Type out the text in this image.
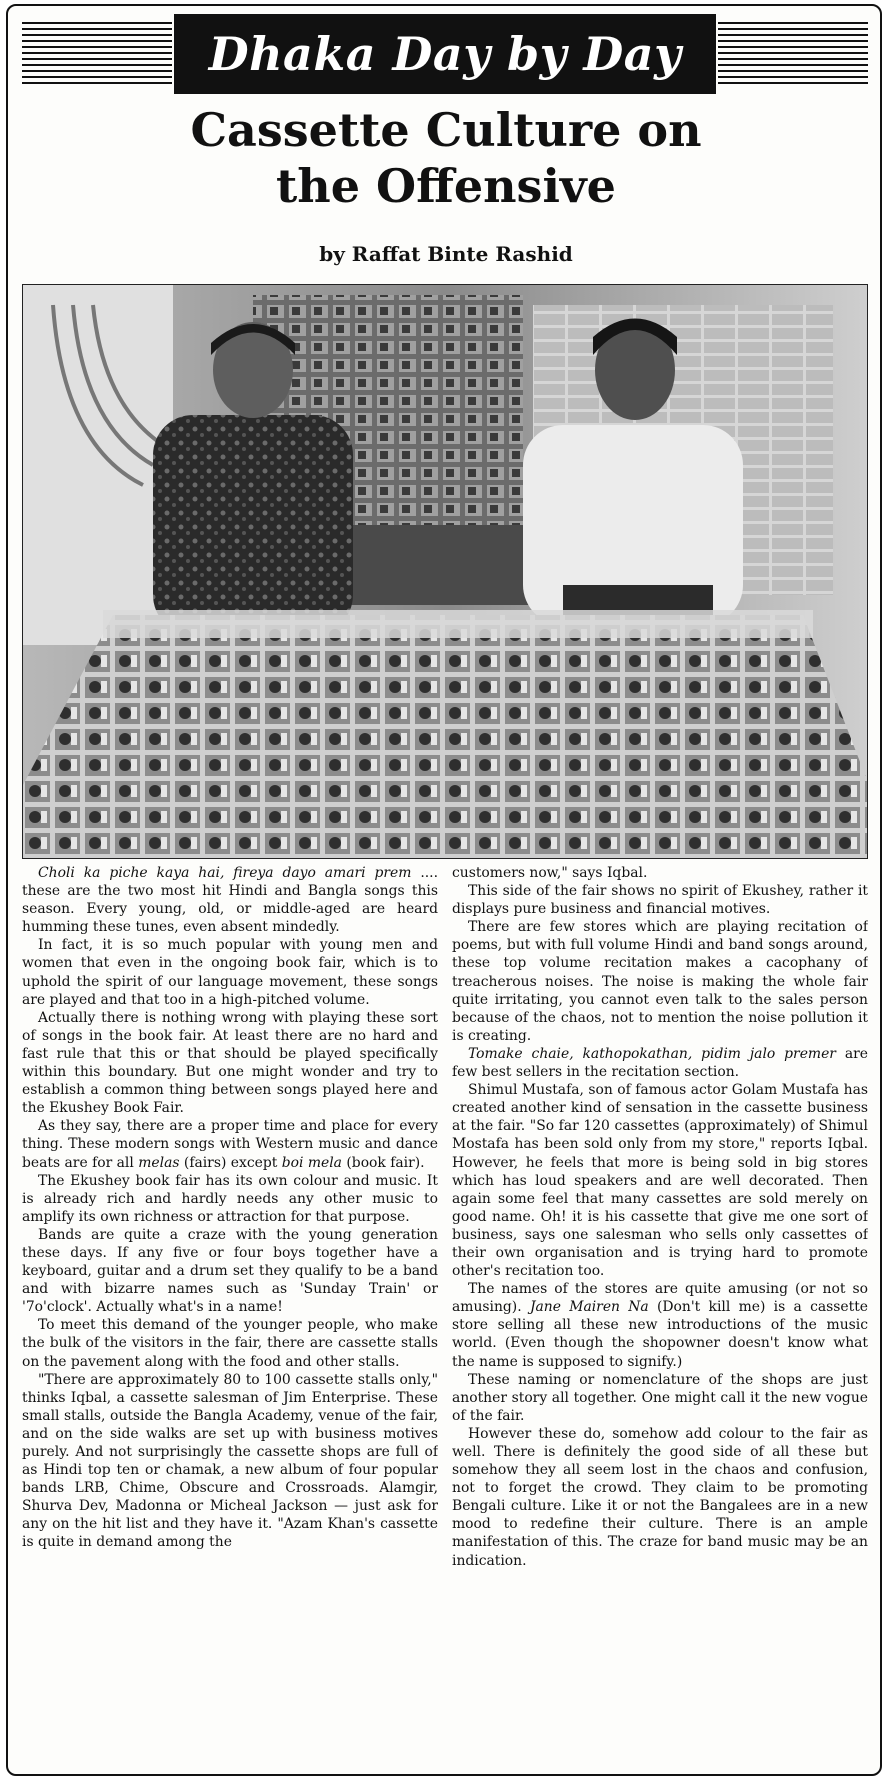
Dhaka Day by Day
Cassette Culture on
the Offensive
by Raffat Binte Rashid

Choli ka piche kaya hai, fireya dayo amari prem .... these are the two most hit Hindi and Bangla songs this season. Every young, old, or middle-aged are heard humming these tunes, even absent mindedly.

In fact, it is so much popular with young men and women that even in the ongoing book fair, which is to uphold the spirit of our language movement, these songs are played and that too in a high-pitched volume.

Actually there is nothing wrong with playing these sort of songs in the book fair. At least there are no hard and fast rule that this or that should be played specifically within this boundary. But one might wonder and try to establish a common thing between songs played here and the Ekushey Book Fair.

As they say, there are a proper time and place for every thing. These modern songs with Western music and dance beats are for all melas (fairs) except boi mela (book fair).

The Ekushey book fair has its own colour and music. It is already rich and hardly needs any other music to amplify its own richness or attraction for that purpose.

Bands are quite a craze with the young generation these days. If any five or four boys together have a keyboard, guitar and a drum set they qualify to be a band and with bizarre names such as 'Sunday Train' or '7o'clock'. Actually what's in a name!

To meet this demand of the younger people, who make the bulk of the visitors in the fair, there are cassette stalls on the pavement along with the food and other stalls.

"There are approximately 80 to 100 cassette stalls only," thinks Iqbal, a cassette salesman of Jim Enterprise. These small stalls, outside the Bangla Academy, venue of the fair, and on the side walks are set up with business motives purely. And not surprisingly the cassette shops are full of as Hindi top ten or chamak, a new album of four popular bands LRB, Chime, Obscure and Crossroads. Alamgir, Shurva Dev, Madonna or Micheal Jackson — just ask for any on the hit list and they have it. "Azam Khan's cassette is quite in demand among the

customers now," says Iqbal.

This side of the fair shows no spirit of Ekushey, rather it displays pure business and financial motives.

There are few stores which are playing recitation of poems, but with full volume Hindi and band songs around, these top volume recitation makes a cacophany of treacherous noises. The noise is making the whole fair quite irritating, you cannot even talk to the sales person because of the chaos, not to mention the noise pollution it is creating.

Tomake chaie, kathopokathan, pidim jalo premer are few best sellers in the recitation section.

Shimul Mustafa, son of famous actor Golam Mustafa has created another kind of sensation in the cassette business at the fair. "So far 120 cassettes (approximately) of Shimul Mostafa has been sold only from my store," reports Iqbal. However, he feels that more is being sold in big stores which has loud speakers and are well decorated. Then again some feel that many cassettes are sold merely on good name. Oh! it is his cassette that give me one sort of business, says one salesman who sells only cassettes of their own organisation and is trying hard to promote other's recitation too.

The names of the stores are quite amusing (or not so amusing). Jane Mairen Na (Don't kill me) is a cassette store selling all these new introductions of the music world. (Even though the shopowner doesn't know what the name is supposed to signify.)

These naming or nomenclature of the shops are just another story all together. One might call it the new vogue of the fair.

However these do, somehow add colour to the fair as well. There is definitely the good side of all these but somehow they all seem lost in the chaos and confusion, not to forget the crowd. They claim to be promoting Bengali culture. Like it or not the Bangalees are in a new mood to redefine their culture. There is an ample manifestation of this. The craze for band music may be an indication.
